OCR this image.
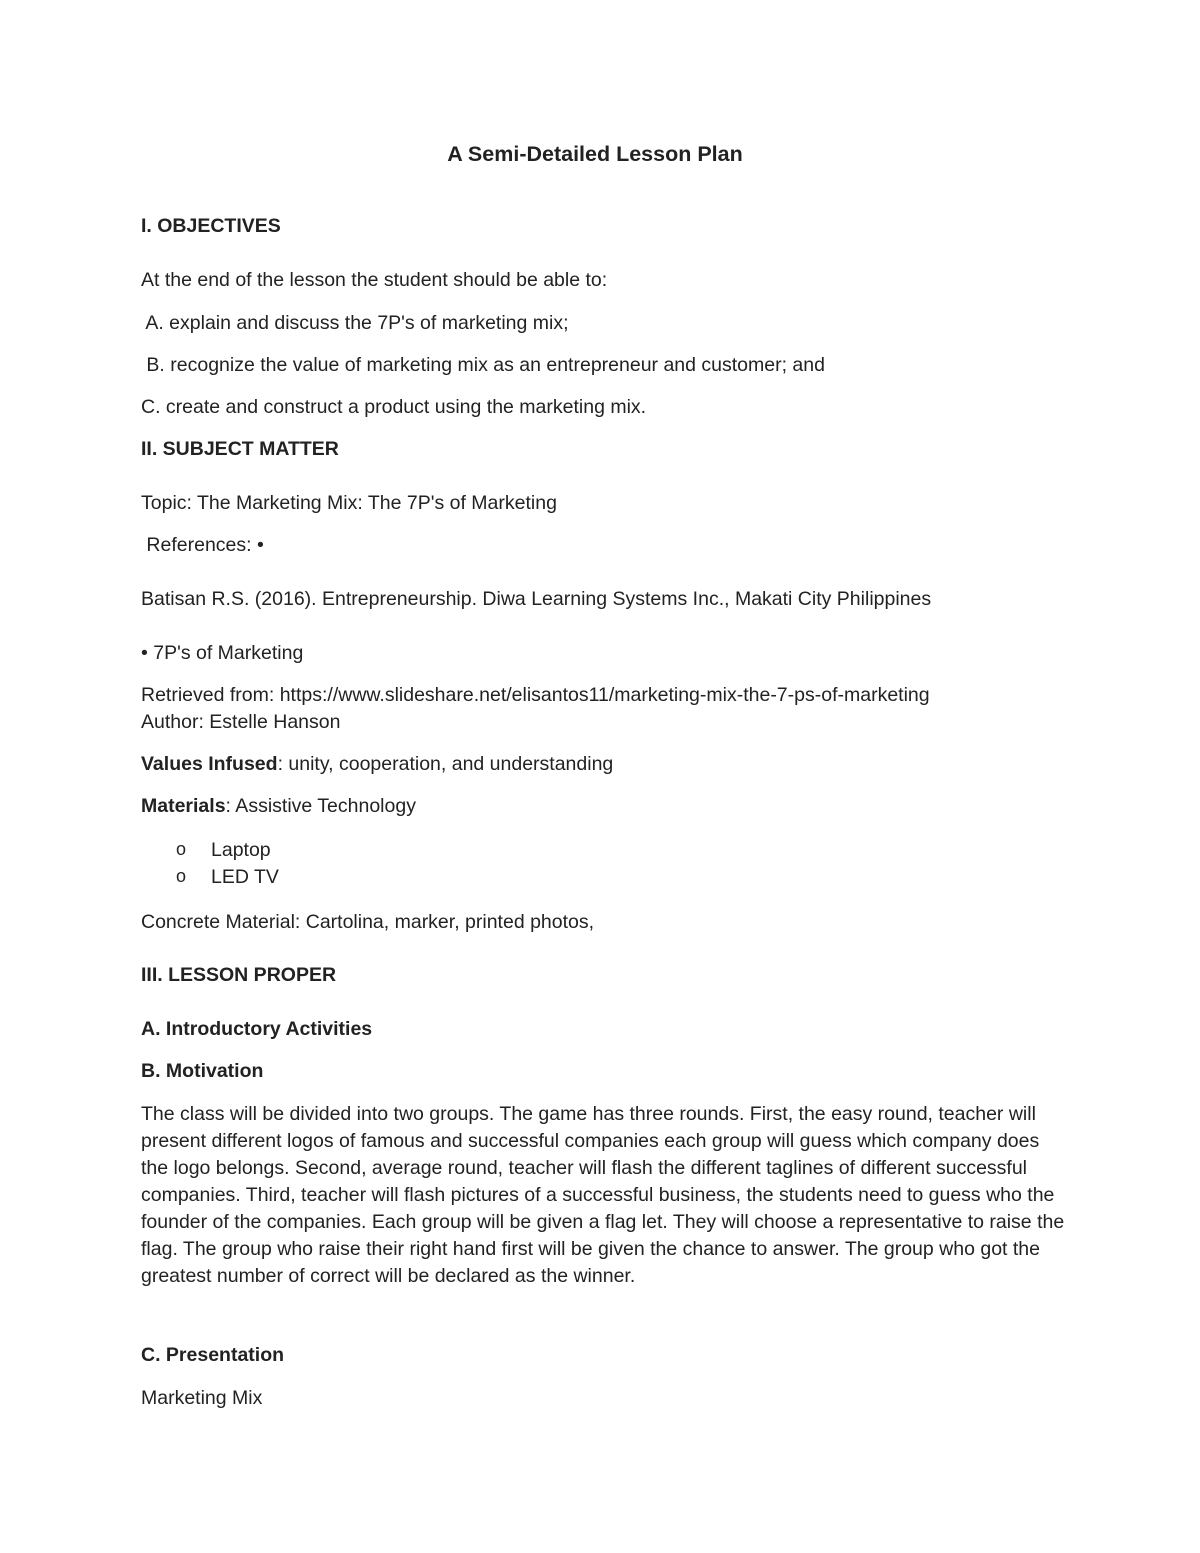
A Semi-Detailed Lesson Plan

I. OBJECTIVES

At the end of the lesson the student should be able to:

A. explain and discuss the 7P's of marketing mix;

B. recognize the value of marketing mix as an entrepreneur and customer; and

C. create and construct a product using the marketing mix.

II. SUBJECT MATTER

Topic: The Marketing Mix: The 7P's of Marketing

References: •

Batisan R.S. (2016). Entrepreneurship. Diwa Learning Systems Inc., Makati City Philippines

• 7P's of Marketing

Retrieved from: https://www.slideshare.net/elisantos11/marketing-mix-the-7-ps-of-marketing

Author: Estelle Hanson

Values Infused: unity, cooperation, and understanding

Materials: Assistive Technology

o Laptop

o LED TV

Concrete Material: Cartolina, marker, printed photos,

III. LESSON PROPER

A. Introductory Activities

B. Motivation

The class will be divided into two groups. The game has three rounds. First, the easy round, teacher will present different logos of famous and successful companies each group will guess which company does the logo belongs. Second, average round, teacher will flash the different taglines of different successful companies. Third, teacher will flash pictures of a successful business, the students need to guess who the founder of the companies. Each group will be given a flag let. They will choose a representative to raise the flag. The group who raise their right hand first will be given the chance to answer. The group who got the greatest number of correct will be declared as the winner.

C. Presentation

Marketing Mix
